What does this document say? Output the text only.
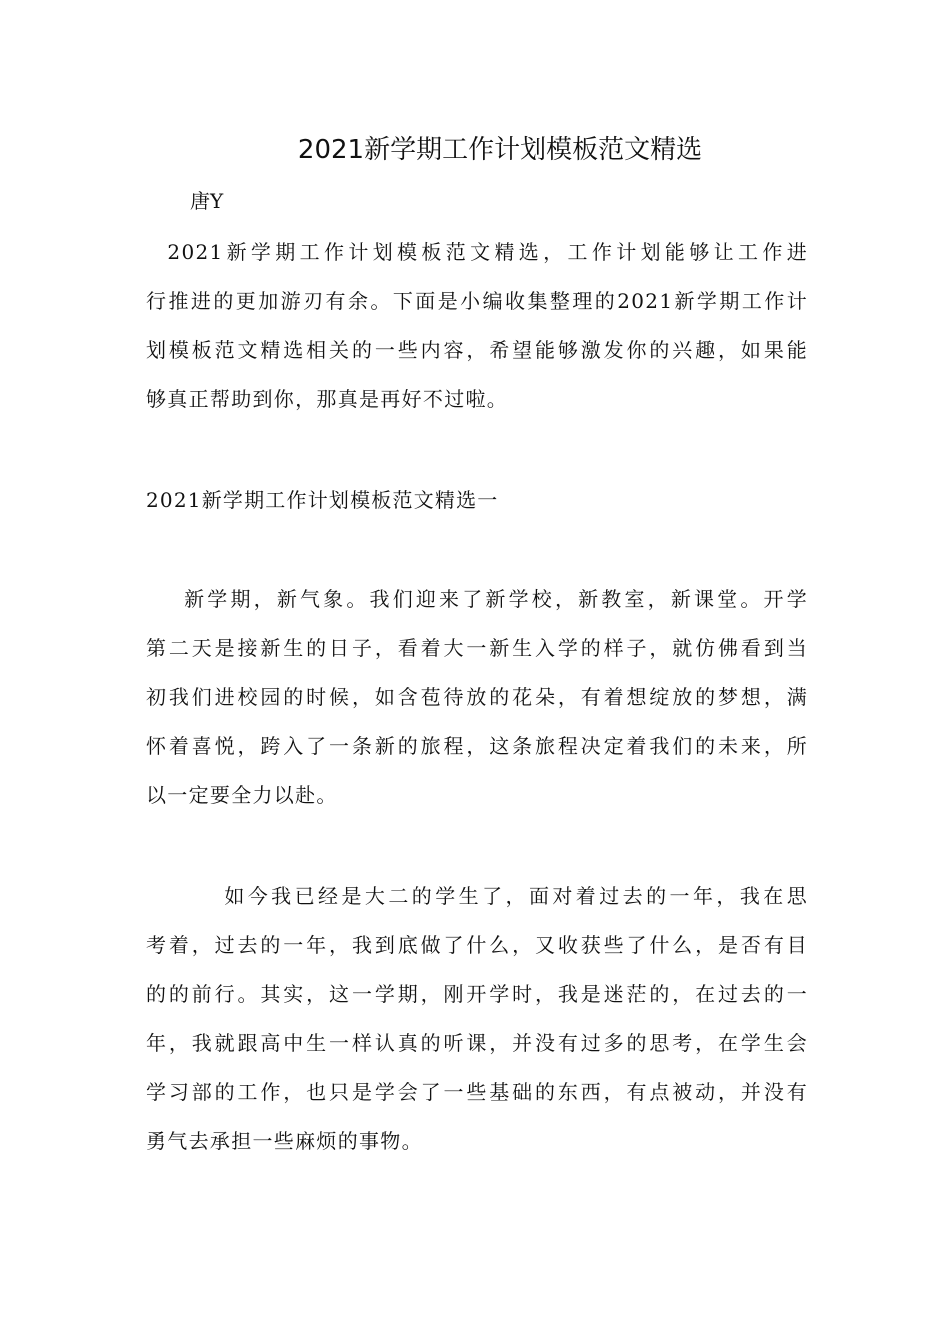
2021新学期工作计划模板范文精选
唐Y
2021新学期工作计划模板范文精选，工作计划能够让工作进
行推进的更加游刃有余。下面是小编收集整理的2021新学期工作计
划模板范文精选相关的一些内容，希望能够激发你的兴趣，如果能
够真正帮助到你，那真是再好不过啦。
2021新学期工作计划模板范文精选一
新学期，新气象。我们迎来了新学校，新教室，新课堂。开学
第二天是接新生的日子，看着大一新生入学的样子，就仿佛看到当
初我们进校园的时候，如含苞待放的花朵，有着想绽放的梦想，满
怀着喜悦，跨入了一条新的旅程，这条旅程决定着我们的未来，所
以一定要全力以赴。
如今我已经是大二的学生了，面对着过去的一年，我在思
考着，过去的一年，我到底做了什么，又收获些了什么，是否有目
的的前行。其实，这一学期，刚开学时，我是迷茫的，在过去的一
年，我就跟高中生一样认真的听课，并没有过多的思考，在学生会
学习部的工作，也只是学会了一些基础的东西，有点被动，并没有
勇气去承担一些麻烦的事物。
